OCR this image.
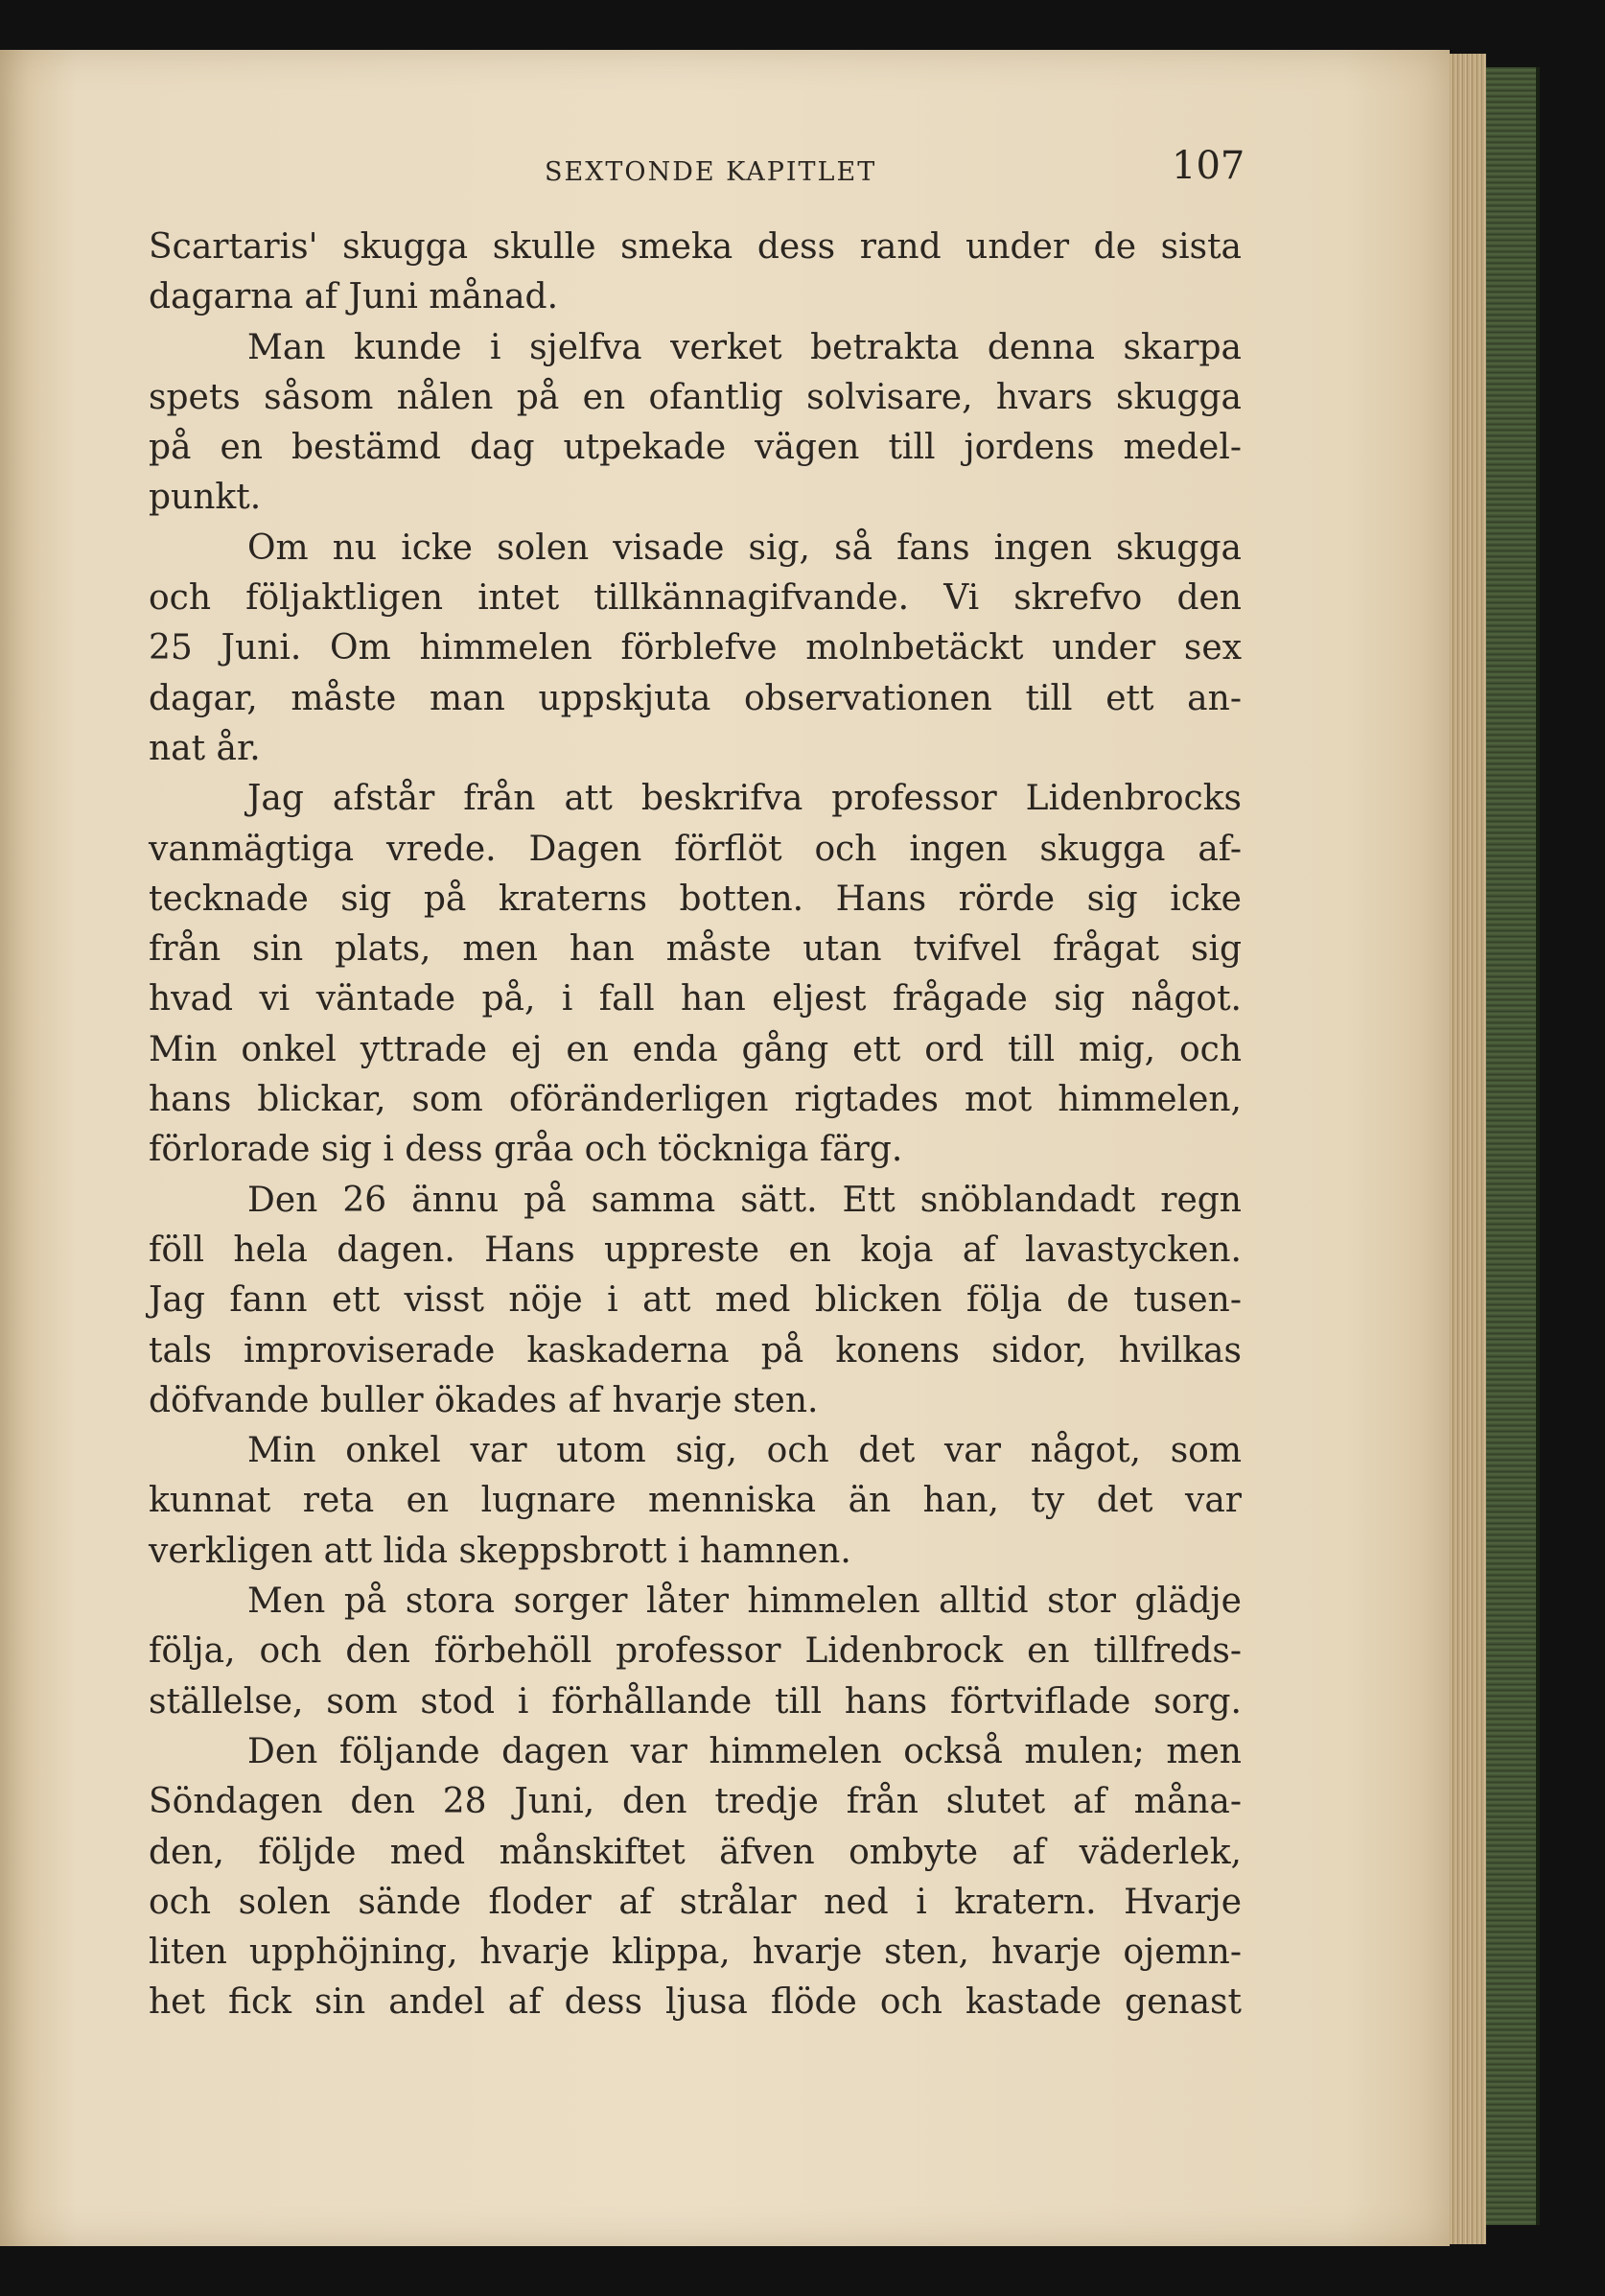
SEXTONDE KAPITLET	107
Scartaris' skugga skulle smeka dess rand under de sista
dagarna af Juni månad.
Man kunde i sjelfva verket betrakta denna skarpa
spets såsom nålen på en ofantlig solvisare, hvars skugga
på en bestämd dag utpekade vägen till jordens medel-
punkt.
Om nu icke solen visade sig, så fans ingen skugga
och följaktligen intet tillkännagifvande. Vi skrefvo den
25 Juni. Om himmelen förblefve molnbetäckt under sex
dagar, måste man uppskjuta observationen till ett an-
nat år.
Jag afstår från att beskrifva professor Lidenbrocks
vanmägtiga vrede. Dagen förflöt och ingen skugga af-
tecknade sig på kraterns botten. Hans rörde sig icke
från sin plats, men han måste utan tvifvel frågat sig
hvad vi väntade på, i fall han eljest frågade sig något.
Min onkel yttrade ej en enda gång ett ord till mig, och
hans blickar, som oföränderligen rigtades mot himmelen,
förlorade sig i dess gråa och töckniga färg.
Den 26 ännu på samma sätt. Ett snöblandadt regn
föll hela dagen. Hans uppreste en koja af lavastycken.
Jag fann ett visst nöje i att med blicken följa de tusen-
tals improviserade kaskaderna på konens sidor, hvilkas
döfvande buller ökades af hvarje sten.
Min onkel var utom sig, och det var något, som
kunnat reta en lugnare menniska än han, ty det var
verkligen att lida skeppsbrott i hamnen.
Men på stora sorger låter himmelen alltid stor glädje
följa, och den förbehöll professor Lidenbrock en tillfreds-
ställelse, som stod i förhållande till hans förtviflade sorg.
Den följande dagen var himmelen också mulen; men
Söndagen den 28 Juni, den tredje från slutet af måna-
den, följde med månskiftet äfven ombyte af väderlek,
och solen sände floder af strålar ned i kratern. Hvarje
liten upphöjning, hvarje klippa, hvarje sten, hvarje ojemn-
het fick sin andel af dess ljusa flöde och kastade genast
